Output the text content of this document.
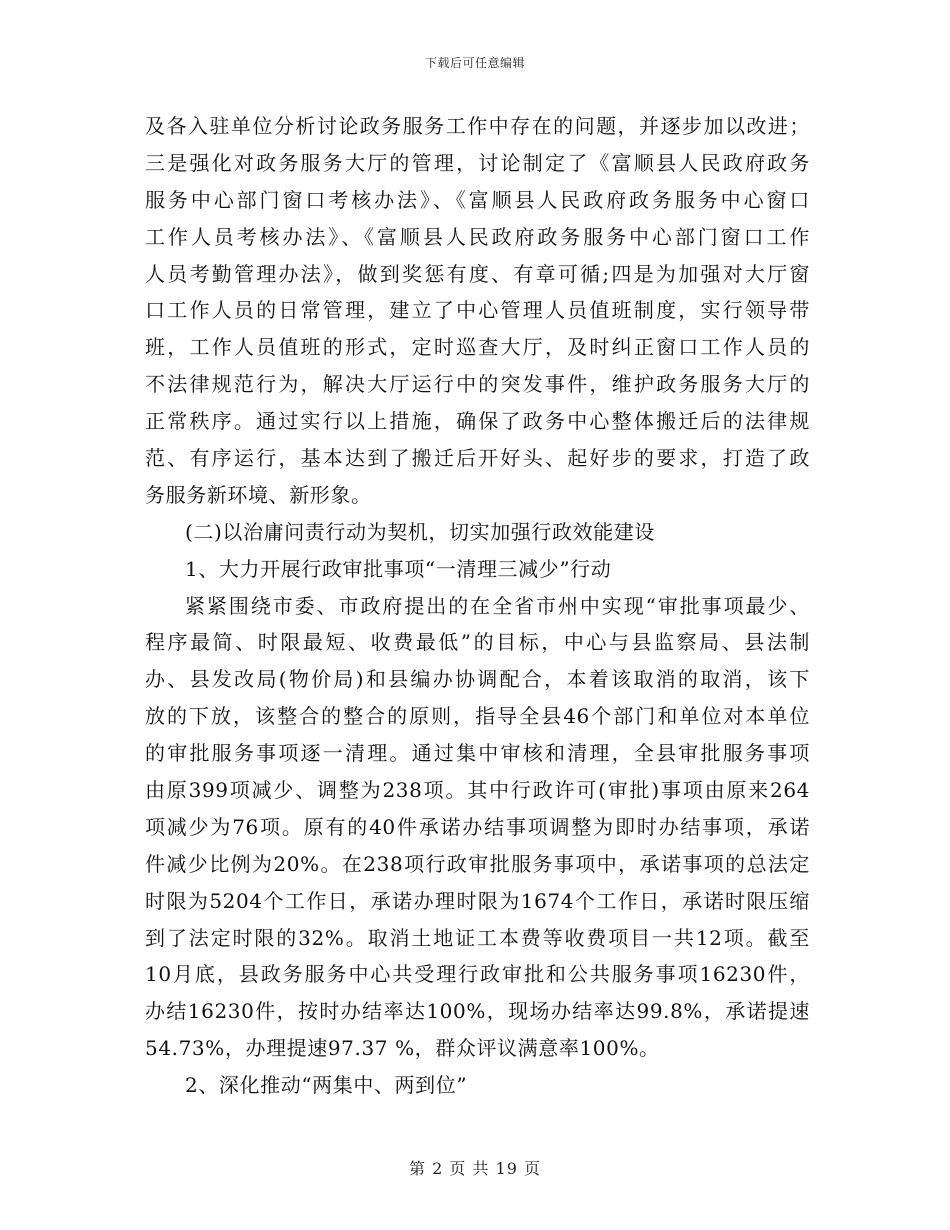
下载后可任意编辑
及各入驻单位分析讨论政务服务工作中存在的问题，并逐步加以改进；
三是强化对政务服务大厅的管理，讨论制定了《富顺县人民政府政务
服务中心部门窗口考核办法》、《富顺县人民政府政务服务中心窗口
工作人员考核办法》、《富顺县人民政府政务服务中心部门窗口工作
人员考勤管理办法》，做到奖惩有度、有章可循;四是为加强对大厅窗
口工作人员的日常管理，建立了中心管理人员值班制度，实行领导带
班，工作人员值班的形式，定时巡查大厅，及时纠正窗口工作人员的
不法律规范行为，解决大厅运行中的突发事件，维护政务服务大厅的
正常秩序。通过实行以上措施，确保了政务中心整体搬迁后的法律规
范、有序运行，基本达到了搬迁后开好头、起好步的要求，打造了政
务服务新环境、新形象。
(二)以治庸问责行动为契机，切实加强行政效能建设
1、大力开展行政审批事项“一清理三减少”行动
紧紧围绕市委、市政府提出的在全省市州中实现“审批事项最少、
程序最简、时限最短、收费最低”的目标，中心与县监察局、县法制
办、县发改局(物价局)和县编办协调配合，本着该取消的取消，该下
放的下放，该整合的整合的原则，指导全县46个部门和单位对本单位
的审批服务事项逐一清理。通过集中审核和清理，全县审批服务事项
由原399项减少、调整为238项。其中行政许可(审批)事项由原来264
项减少为76项。原有的40件承诺办结事项调整为即时办结事项，承诺
件减少比例为20%。在238项行政审批服务事项中，承诺事项的总法定
时限为5204个工作日，承诺办理时限为1674个工作日，承诺时限压缩
到了法定时限的32%。取消土地证工本费等收费项目一共12项。截至
10月底，县政务服务中心共受理行政审批和公共服务事项16230件，
办结16230件，按时办结率达100%，现场办结率达99.8%，承诺提速
54.73%，办理提速97.37 %，群众评议满意率100%。
2、深化推动“两集中、两到位”
第 2 页 共 19 页
